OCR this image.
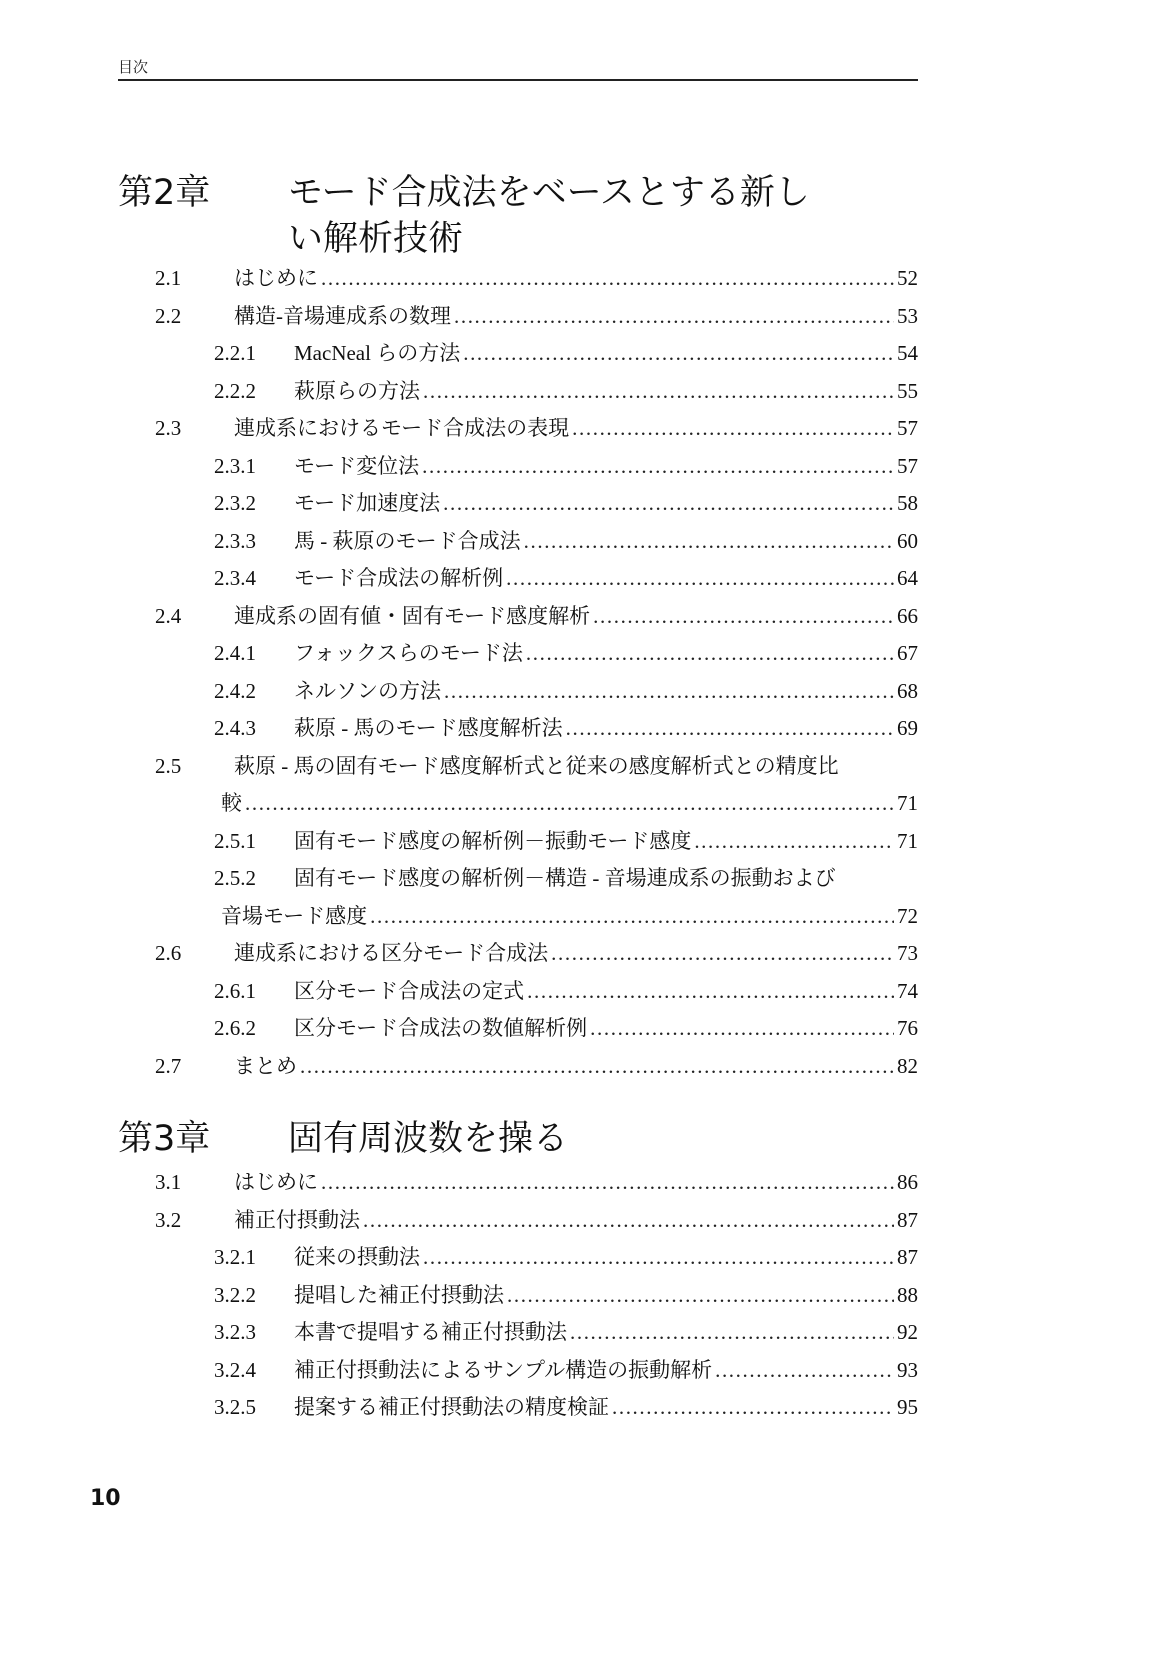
目次
第2章 モード合成法をベースとする新し
い解析技術
2.1	はじめに .....	52
2.2	構造-音場連成系の数理 .....	53
2.2.1 MacNeal らの方法 .....	54
2.2.2 萩原らの方法 .....	55
2.3	連成系におけるモード合成法の表現 .....	57
2.3.1 モード変位法 .....	57
2.3.2 モード加速度法 .....	58
2.3.3 馬 - 萩原のモード合成法 .....	60
2.3.4 モード合成法の解析例 .....	64
2.4	連成系の固有値・固有モード感度解析 .....	66
2.4.1 フォックスらのモード法 .....	67
2.4.2 ネルソンの方法 .....	68
2.4.3 萩原 - 馬のモード感度解析法 .....	69
2.5	萩原 - 馬の固有モード感度解析式と従来の感度解析式との精度比
較 .....	71
2.5.1 固有モード感度の解析例－振動モード感度 .....	71
2.5.2 固有モード感度の解析例－構造 - 音場連成系の振動および
音場モード感度 .....	72
2.6	連成系における区分モード合成法 .....	73
2.6.1 区分モード合成法の定式 .....	74
2.6.2 区分モード合成法の数値解析例 .....	76
2.7	まとめ .....	82
第3章 固有周波数を操る
3.1	はじめに .....	86
3.2	補正付摂動法 .....	87
3.2.1 従来の摂動法 .....	87
3.2.2 提唱した補正付摂動法 .....	88
3.2.3 本書で提唱する補正付摂動法 .....	92
3.2.4 補正付摂動法によるサンプル構造の振動解析 .....	93
3.2.5 提案する補正付摂動法の精度検証 .....	95
10
